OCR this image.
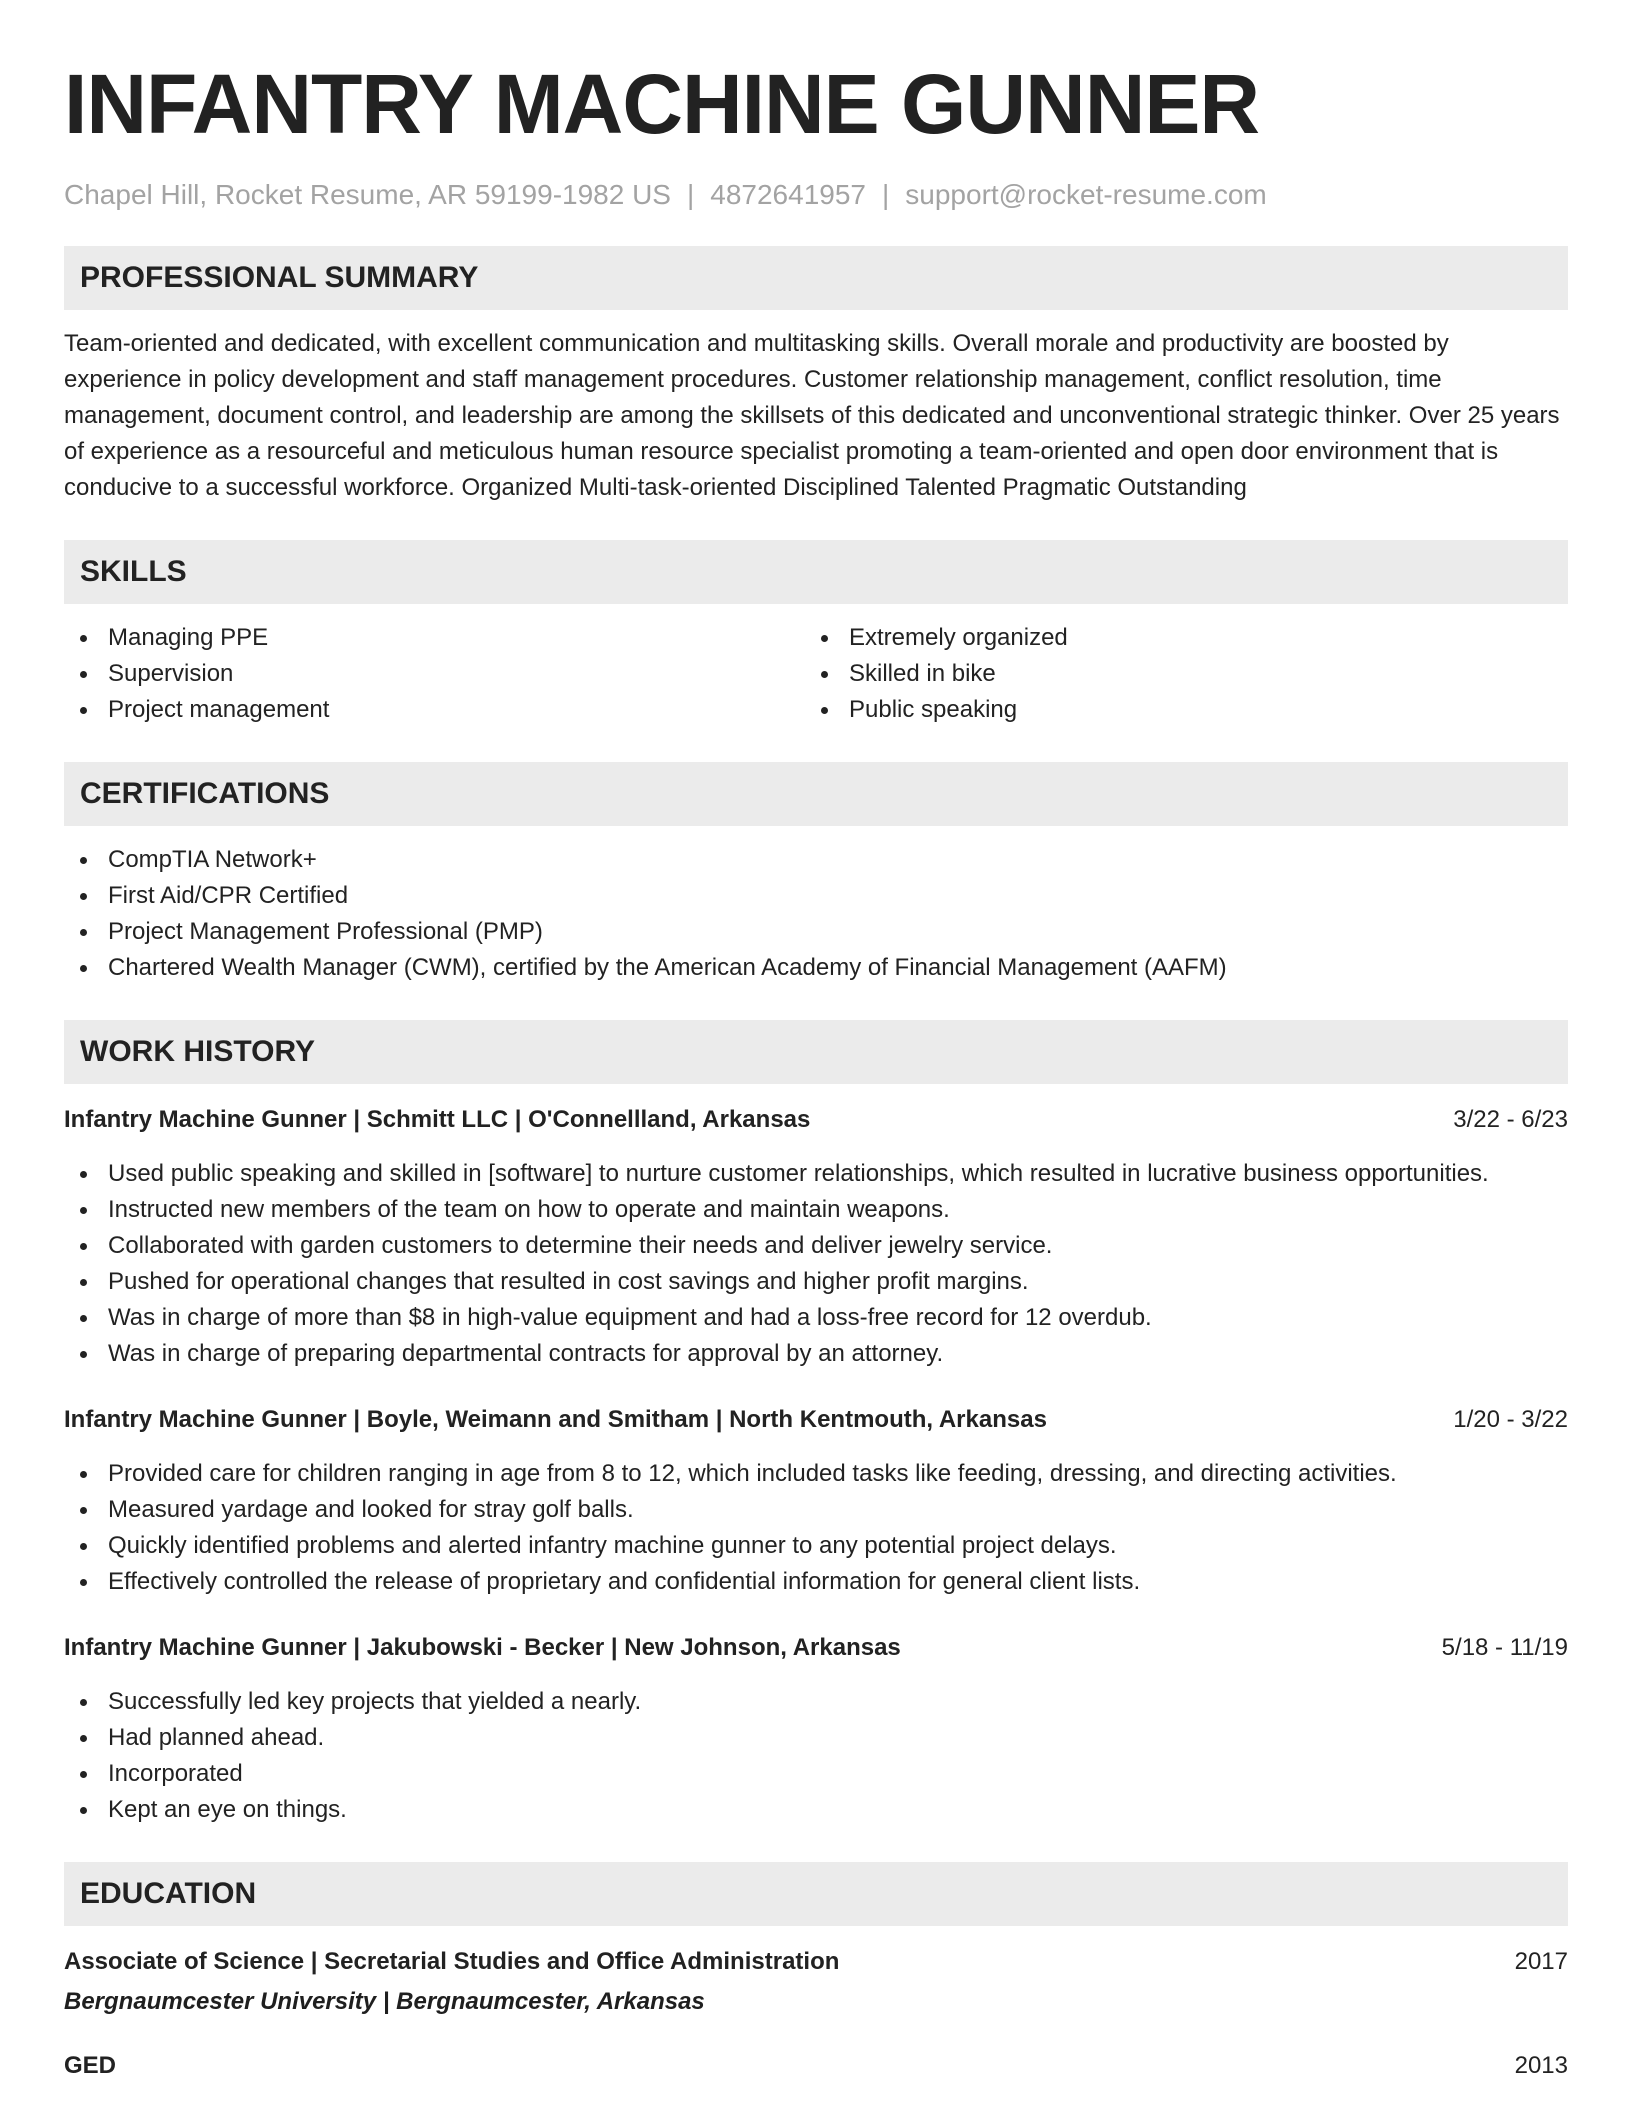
INFANTRY MACHINE GUNNER
Chapel Hill, Rocket Resume, AR 59199-1982 US | 4872641957 | support@rocket-resume.com
PROFESSIONAL SUMMARY
Team-oriented and dedicated, with excellent communication and multitasking skills. Overall morale and productivity are boosted by experience in policy development and staff management procedures. Customer relationship management, conflict resolution, time management, document control, and leadership are among the skillsets of this dedicated and unconventional strategic thinker. Over 25 years of experience as a resourceful and meticulous human resource specialist promoting a team-oriented and open door environment that is conducive to a successful workforce. Organized Multi-task-oriented Disciplined Talented Pragmatic Outstanding
SKILLS
Managing PPE
Supervision
Project management
Extremely organized
Skilled in bike
Public speaking
CERTIFICATIONS
CompTIA Network+
First Aid/CPR Certified
Project Management Professional (PMP)
Chartered Wealth Manager (CWM), certified by the American Academy of Financial Management (AAFM)
WORK HISTORY
Infantry Machine Gunner | Schmitt LLC | O'Connellland, Arkansas	3/22 - 6/23
Used public speaking and skilled in [software] to nurture customer relationships, which resulted in lucrative business opportunities.
Instructed new members of the team on how to operate and maintain weapons.
Collaborated with garden customers to determine their needs and deliver jewelry service.
Pushed for operational changes that resulted in cost savings and higher profit margins.
Was in charge of more than $8 in high-value equipment and had a loss-free record for 12 overdub.
Was in charge of preparing departmental contracts for approval by an attorney.
Infantry Machine Gunner | Boyle, Weimann and Smitham | North Kentmouth, Arkansas	1/20 - 3/22
Provided care for children ranging in age from 8 to 12, which included tasks like feeding, dressing, and directing activities.
Measured yardage and looked for stray golf balls.
Quickly identified problems and alerted infantry machine gunner to any potential project delays.
Effectively controlled the release of proprietary and confidential information for general client lists.
Infantry Machine Gunner | Jakubowski - Becker | New Johnson, Arkansas	5/18 - 11/19
Successfully led key projects that yielded a nearly.
Had planned ahead.
Incorporated
Kept an eye on things.
EDUCATION
Associate of Science | Secretarial Studies and Office Administration	2017
Bergnaumcester University | Bergnaumcester, Arkansas
GED	2013
